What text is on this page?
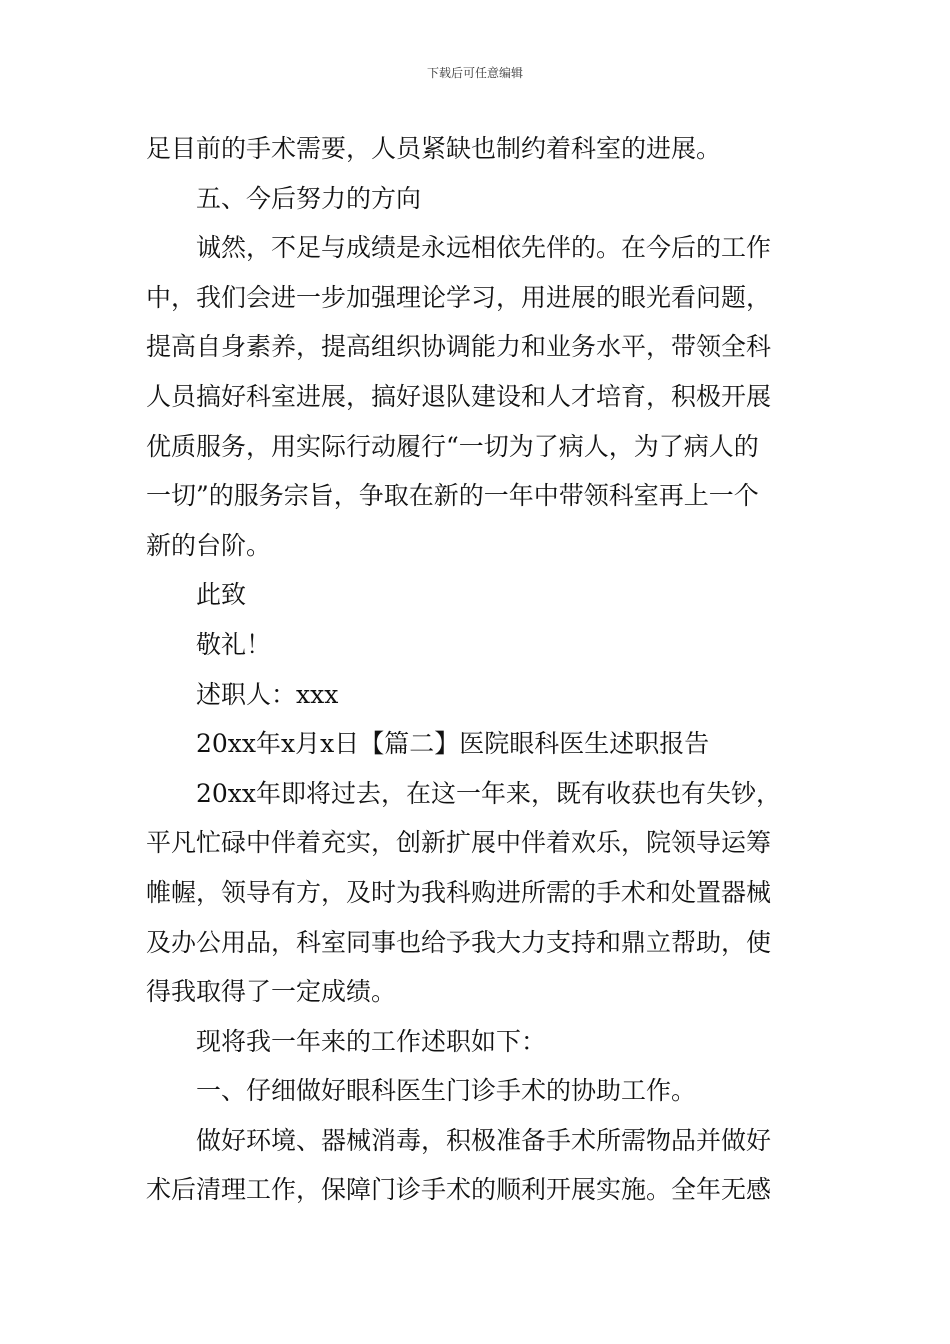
下载后可任意编辑
足目前的手术需要，人员紧缺也制约着科室的进展。
五、今后努力的方向
诚然，不足与成绩是永远相依先伴的。在今后的工作
中，我们会进一步加强理论学习，用进展的眼光看问题，
提高自身素养，提高组织协调能力和业务水平，带领全科
人员搞好科室进展，搞好退队建设和人才培育，积极开展
优质服务，用实际行动履行“一切为了病人，为了病人的
一切”的服务宗旨，争取在新的一年中带领科室再上一个
新的台阶。
此致
敬礼！
述职人：xxx
20xx年x月x日【篇二】医院眼科医生述职报告
20xx年即将过去，在这一年来，既有收获也有失钞，
平凡忙碌中伴着充实，创新扩展中伴着欢乐，院领导运筹
帷幄，领导有方，及时为我科购进所需的手术和处置器械
及办公用品，科室同事也给予我大力支持和鼎立帮助，使
得我取得了一定成绩。
现将我一年来的工作述职如下：
一、仔细做好眼科医生门诊手术的协助工作。
做好环境、器械消毒，积极准备手术所需物品并做好
术后清理工作，保障门诊手术的顺利开展实施。全年无感
